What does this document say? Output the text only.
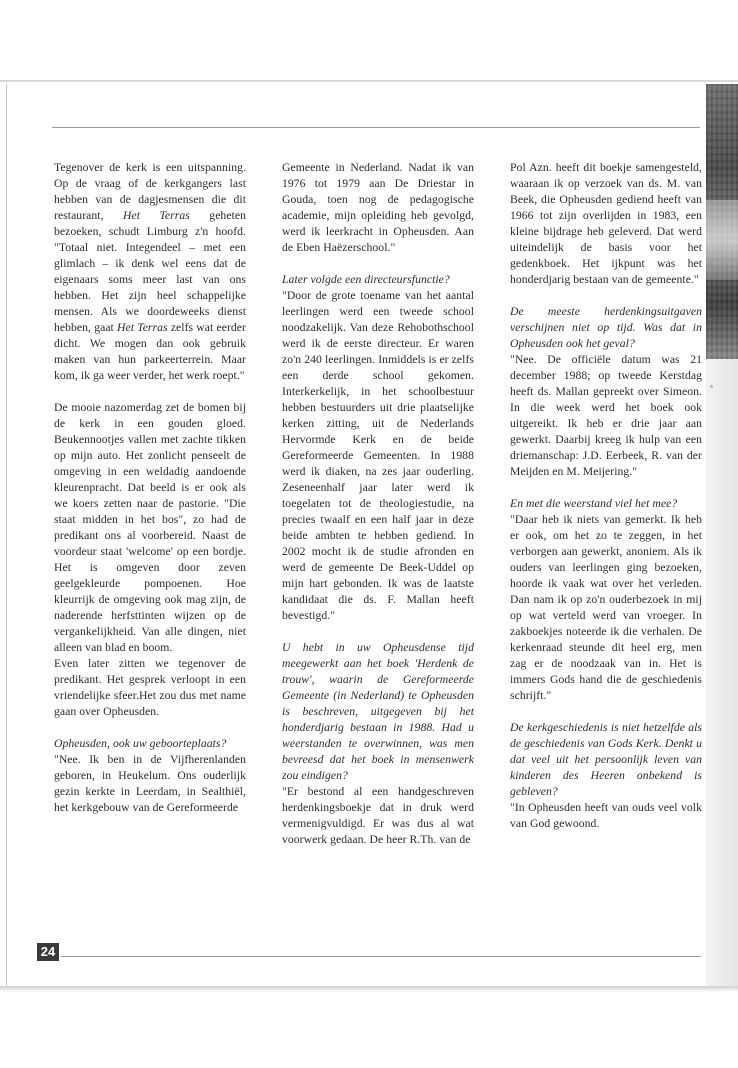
Tegenover de kerk is een uitspanning. Op de vraag of de kerkgangers last hebben van de dagjesmensen die dit restaurant, Het Terras geheten bezoeken, schudt Limburg z'n hoofd. "Totaal niet. Integendeel – met een glimlach – ik denk wel eens dat de eigenaars soms meer last van ons hebben. Het zijn heel schappelijke mensen. Als we doordeweeks dienst hebben, gaat Het Terras zelfs wat eerder dicht. We mogen dan ook gebruik maken van hun parkeerterrein. Maar kom, ik ga weer verder, het werk roept."

De mooie nazomerdag zet de bomen bij de kerk in een gouden gloed. Beukennootjes vallen met zachte tikken op mijn auto. Het zonlicht penseelt de omgeving in een weldadig aandoende kleurenpracht. Dat beeld is er ook als we koers zetten naar de pastorie. "Die staat midden in het bos", zo had de predikant ons al voorbereid. Naast de voordeur staat 'welcome' op een bordje. Het is omgeven door zeven geelgekleurde pompoenen. Hoe kleurrijk de omgeving ook mag zijn, de naderende herfsttinten wijzen op de vergankelijkheid. Van alle dingen, niet alleen van blad en boom.

Even later zitten we tegenover de predikant. Het gesprek verloopt in een vriendelijke sfeer.Het zou dus met name gaan over Opheusden.

Opheusden, ook uw geboorteplaats?

"Nee. Ik ben in de Vijfherenlanden geboren, in Heukelum. Ons ouderlijk gezin kerkte in Leerdam, in Sealthiël, het kerkgebouw van de Gereformeerde

Gemeente in Nederland. Nadat ik van 1976 tot 1979 aan De Driestar in Gouda, toen nog de pedagogische academie, mijn opleiding heb gevolgd, werd ik leerkracht in Opheusden. Aan de Eben Haëzerschool."

Later volgde een directeursfunctie?

"Door de grote toename van het aantal leerlingen werd een tweede school noodzakelijk. Van deze Rehobothschool werd ik de eerste directeur. Er waren zo'n 240 leerlingen. Inmiddels is er zelfs een derde school gekomen. Interkerkelijk, in het schoolbestuur hebben bestuurders uit drie plaatselijke kerken zitting, uit de Nederlands Hervormde Kerk en de beide Gereformeerde Gemeenten. In 1988 werd ik diaken, na zes jaar ouderling. Zeseneenhalf jaar later werd ik toegelaten tot de theologiestudie, na precies twaalf en een half jaar in deze beide ambten te hebben gediend. In 2002 mocht ik de studie afronden en werd de gemeente De Beek-Uddel op mijn hart gebonden. Ik was de laatste kandidaat die ds. F. Mallan heeft bevestigd."

U hebt in uw Opheusdense tijd meegewerkt aan het boek 'Herdenk de trouw', waarin de Gereformeerde Gemeente (in Nederland) te Opheusden is beschreven, uitgegeven bij het honderdjarig bestaan in 1988. Had u weerstanden te overwinnen, was men bevreesd dat het boek in mensenwerk zou eindigen?

"Er bestond al een handgeschreven herdenkingsboekje dat in druk werd vermenigvuldigd. Er was dus al wat voorwerk gedaan. De heer R.Th. van de

Pol Azn. heeft dit boekje samengesteld, waaraan ik op verzoek van ds. M. van Beek, die Opheusden gediend heeft van 1966 tot zijn overlijden in 1983, een kleine bijdrage heb geleverd. Dat werd uiteindelijk de basis voor het gedenkboek. Het ijkpunt was het honderdjarig bestaan van de gemeente."

De meeste herdenkingsuitgaven verschijnen niet op tijd. Was dat in Opheusden ook het geval?

"Nee. De officiële datum was 21 december 1988; op tweede Kerstdag heeft ds. Mallan gepreekt over Simeon. In die week werd het boek ook uitgereikt. Ik heb er drie jaar aan gewerkt. Daarbij kreeg ik hulp van een driemanschap: J.D. Eerbeek, R. van der Meijden en M. Meijering."

En met die weerstand viel het mee?

"Daar heb ik niets van gemerkt. Ik heb er ook, om het zo te zeggen, in het verborgen aan gewerkt, anoniem. Als ik ouders van leerlingen ging bezoeken, hoorde ik vaak wat over het verleden. Dan nam ik op zo'n ouderbezoek in mij op wat verteld werd van vroeger. In zakboekjes noteerde ik die verhalen. De kerkenraad steunde dit heel erg, men zag er de noodzaak van in. Het is immers Gods hand die de geschiedenis schrijft."

De kerkgeschiedenis is niet hetzelfde als de geschiedenis van Gods Kerk. Denkt u dat veel uit het persoonlijk leven van kinderen des Heeren onbekend is gebleven?

"In Opheusden heeft van ouds veel volk van God gewoond.

24
